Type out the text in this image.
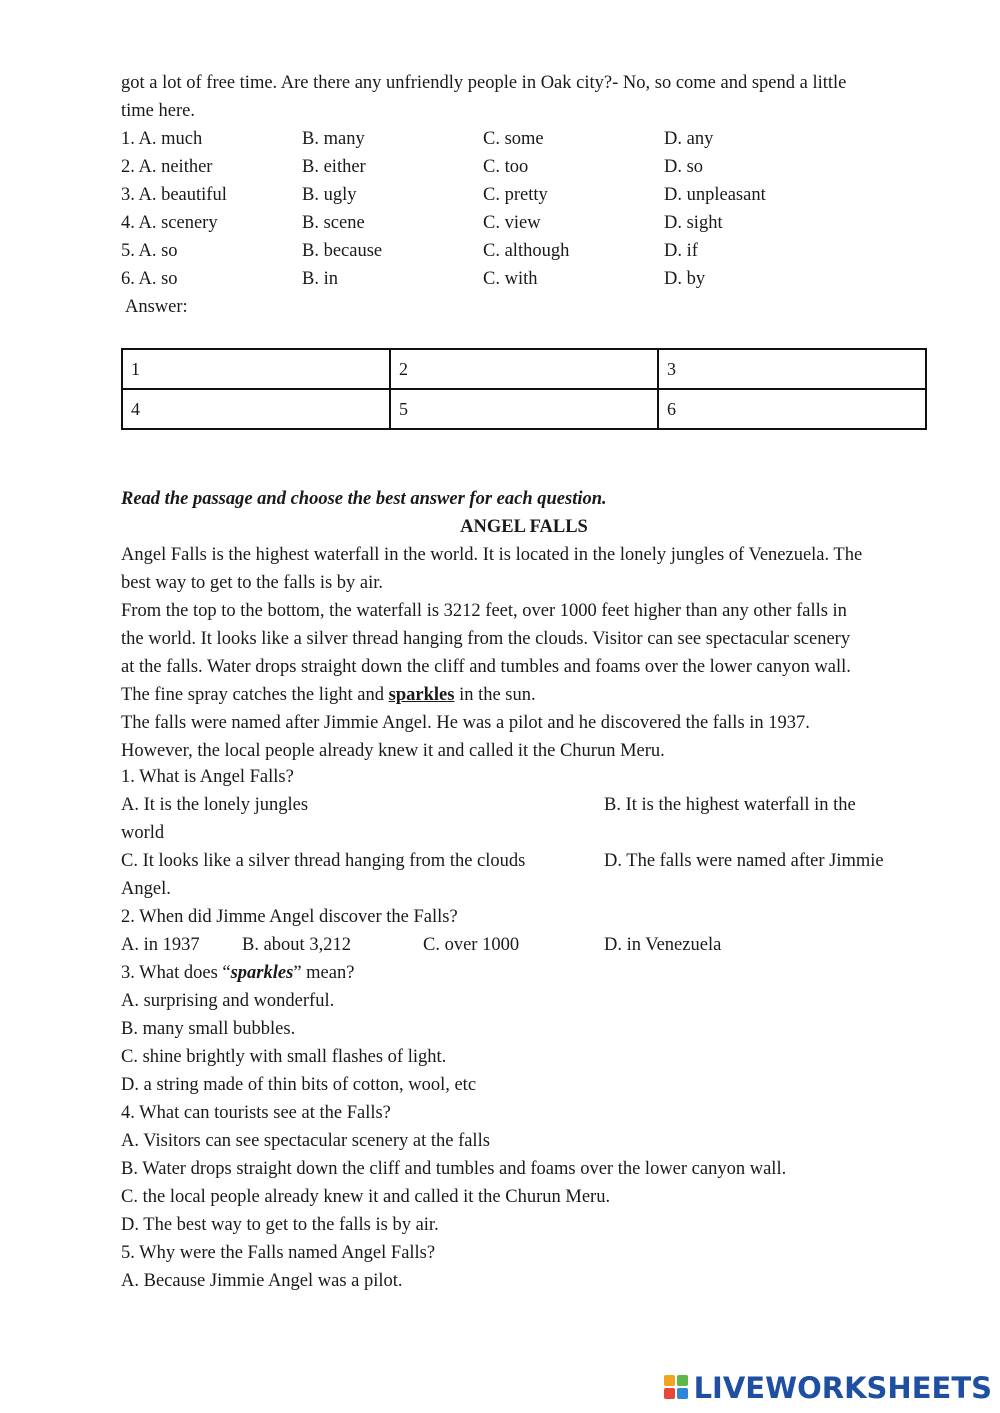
got a lot of free time. Are there any unfriendly people in Oak city?- No, so come and spend a little
time here.
1. A. much	B. many	C. some	D. any
2. A. neither	B. either	C. too	D. so
3. A. beautiful	B. ugly	C. pretty	D. unpleasant
4. A. scenery	B. scene	C. view	D. sight
5. A. so	B. because	C. although	D. if
6. A. so	B. in	C. with	D. by
Answer:
1	2	3
4	5	6
Read the passage and choose the best answer for each question.
ANGEL FALLS
Angel Falls is the highest waterfall in the world. It is located in the lonely jungles of Venezuela. The
best way to get to the falls is by air.
From the top to the bottom, the waterfall is 3212 feet, over 1000 feet higher than any other falls in
the world. It looks like a silver thread hanging from the clouds. Visitor can see spectacular scenery
at the falls. Water drops straight down the cliff and tumbles and foams over the lower canyon wall.
The fine spray catches the light and sparkles in the sun.
The falls were named after Jimmie Angel. He was a pilot and he discovered the falls in 1937.
However, the local people already knew it and called it the Churun Meru.
1. What is Angel Falls?
A. It is the lonely jungles	B. It is the highest waterfall in the
world
C. It looks like a silver thread hanging from the clouds	D. The falls were named after Jimmie
Angel.
2. When did Jimme Angel discover the Falls?
A. in 1937 B. about 3,212	C. over 1000	D. in Venezuela
3. What does “sparkles” mean?
A. surprising and wonderful.
B. many small bubbles.
C. shine brightly with small flashes of light.
D. a string made of thin bits of cotton, wool, etc
4. What can tourists see at the Falls?
A. Visitors can see spectacular scenery at the falls
B. Water drops straight down the cliff and tumbles and foams over the lower canyon wall.
C. the local people already knew it and called it the Churun Meru.
D. The best way to get to the falls is by air.
5. Why were the Falls named Angel Falls?
A. Because Jimmie Angel was a pilot.
LIVEWORKSHEETS
